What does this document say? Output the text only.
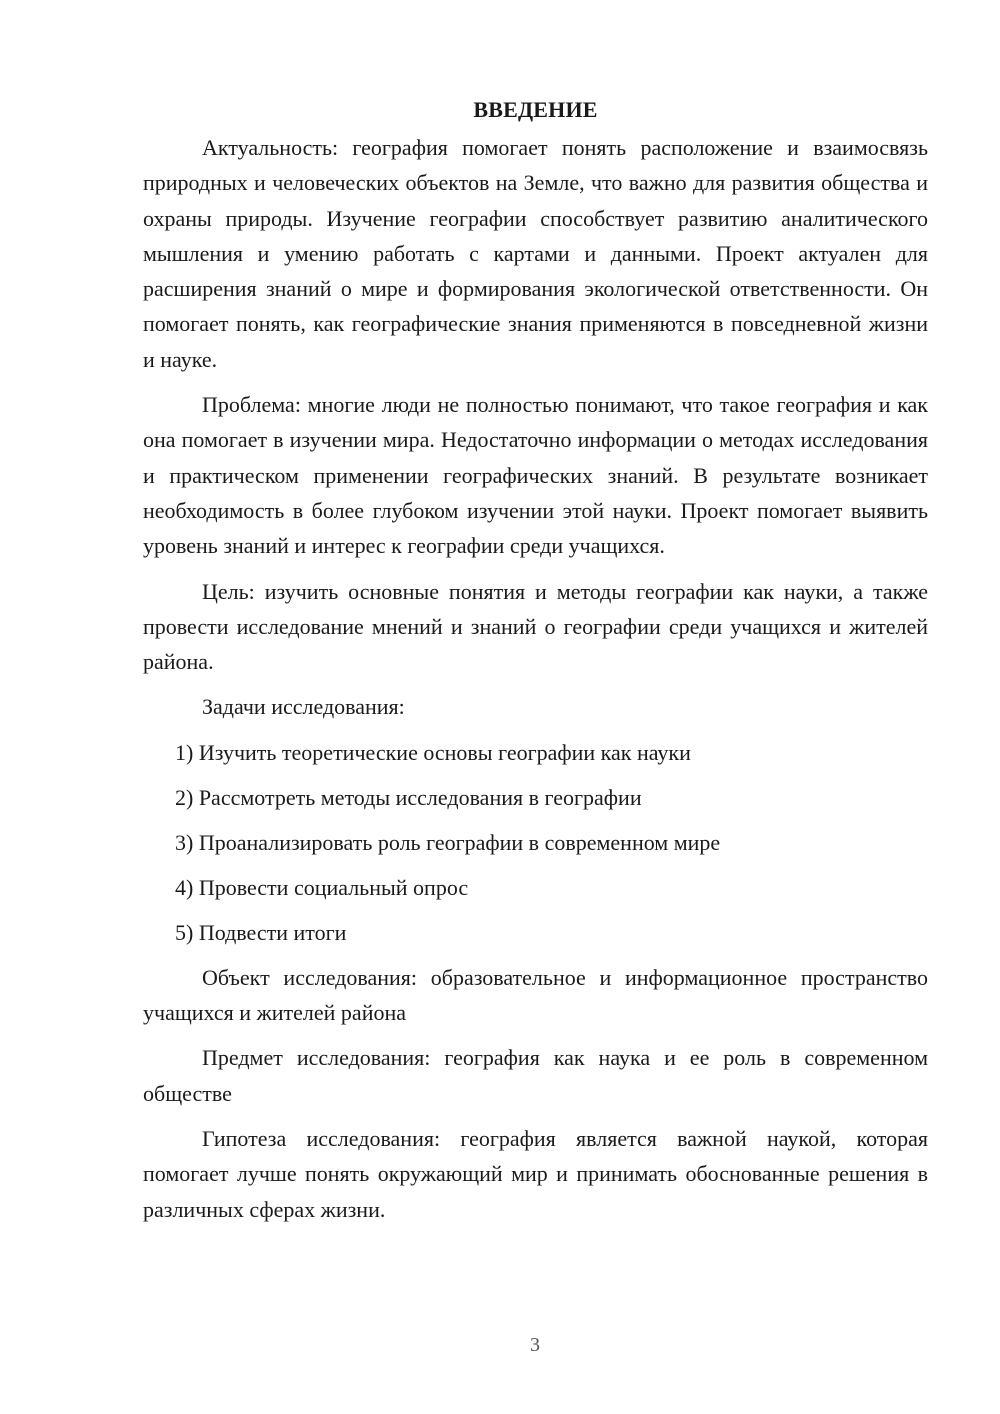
ВВЕДЕНИЕ

Актуальность: география помогает понять расположение и взаимосвязь природных и человеческих объектов на Земле, что важно для развития общества и охраны природы. Изучение географии способствует развитию аналитического мышления и умению работать с картами и данными. Проект актуален для расширения знаний о мире и формирования экологической ответственности. Он помогает понять, как географические знания применяются в повседневной жизни и науке.

Проблема: многие люди не полностью понимают, что такое география и как она помогает в изучении мира. Недостаточно информации о методах исследования и практическом применении географических знаний. В результате возникает необходимость в более глубоком изучении этой науки. Проект помогает выявить уровень знаний и интерес к географии среди учащихся.

Цель: изучить основные понятия и методы географии как науки, а также провести исследование мнений и знаний о географии среди учащихся и жителей района.

Задачи исследования:

1) Изучить теоретические основы географии как науки
2) Рассмотреть методы исследования в географии
3) Проанализировать роль географии в современном мире
4) Провести социальный опрос
5) Подвести итоги

Объект исследования: образовательное и информационное пространство учащихся и жителей района

Предмет исследования: география как наука и ее роль в современном обществе

Гипотеза исследования: география является важной наукой, которая помогает лучше понять окружающий мир и принимать обоснованные решения в различных сферах жизни.

3
